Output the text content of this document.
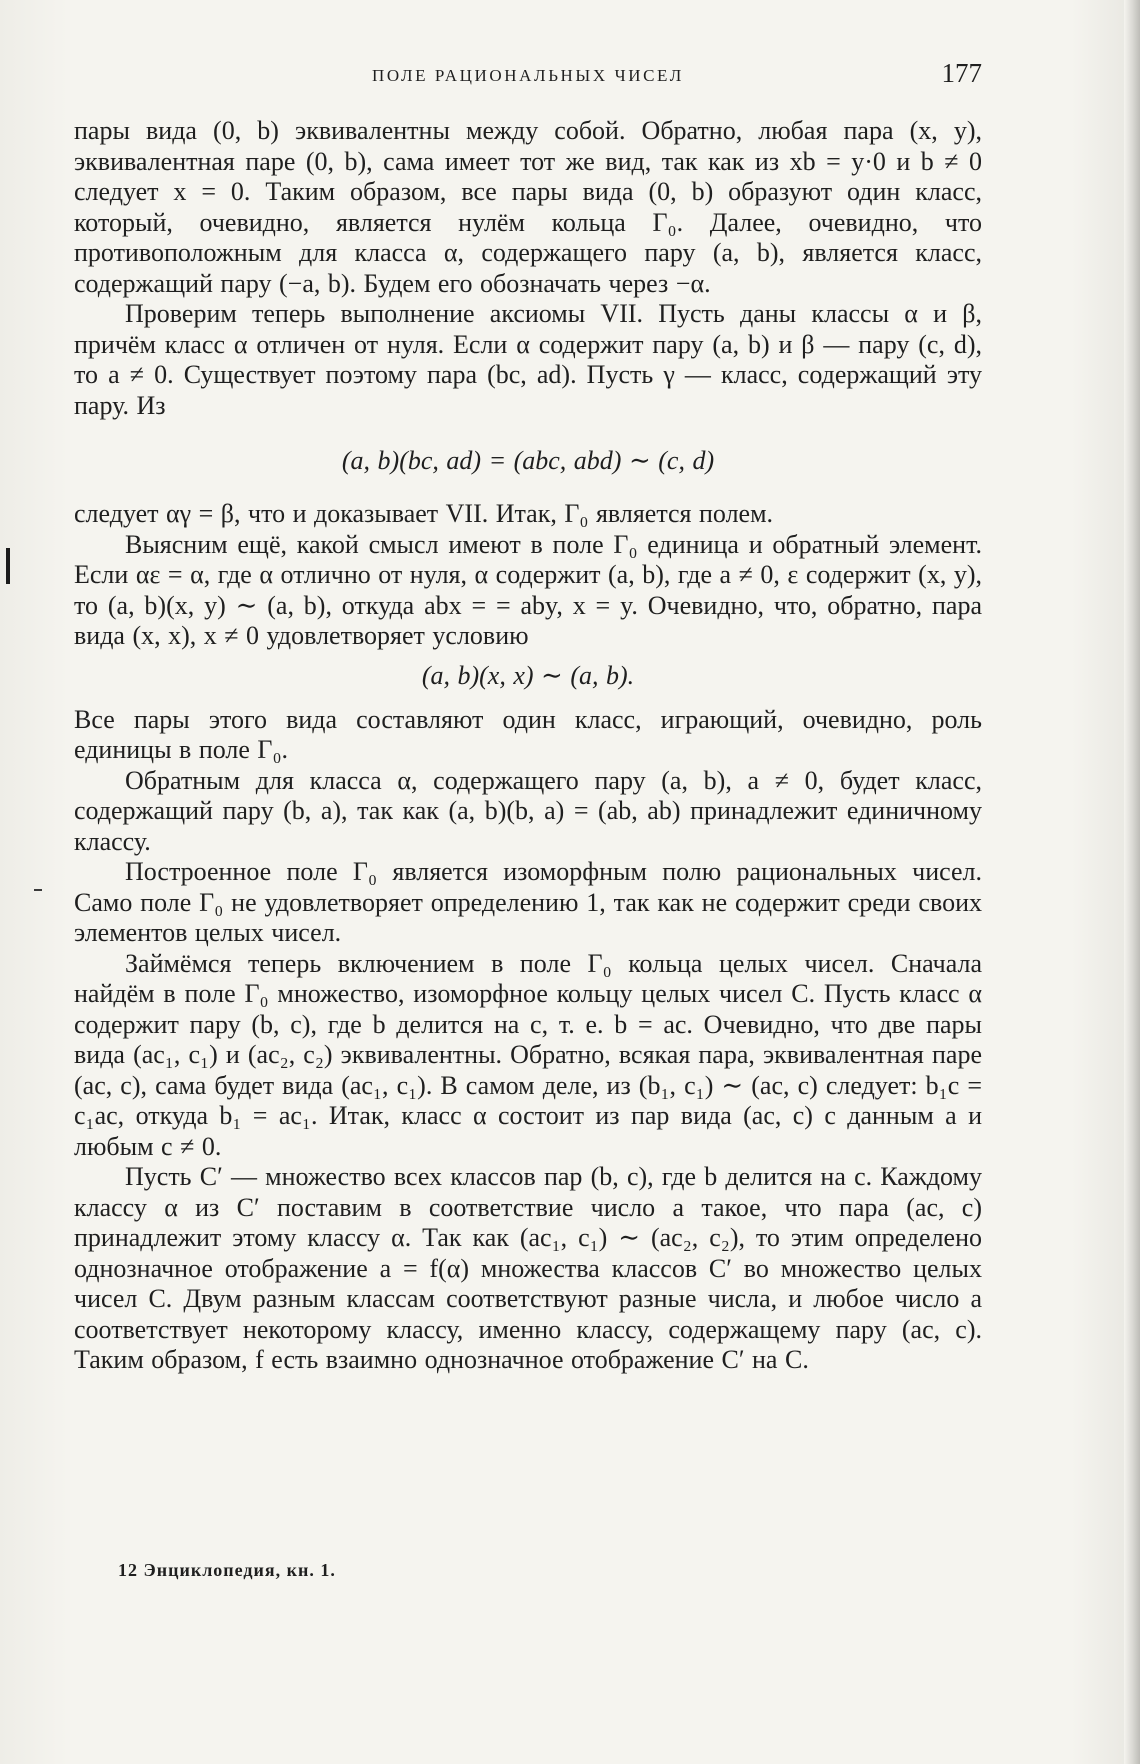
ПОЛЕ РАЦИОНАЛЬНЫХ ЧИСЕЛ	177

пары вида (0, b) эквивалентны между собой. Обратно, любая пара (x, y), эквивалентная паре (0, b), сама имеет тот же вид, так как из xb = y·0 и b ≠ 0 следует x = 0. Таким образом, все пары вида (0, b) образуют один класс, который, очевидно, является нулём кольца Γ₀. Далее, очевидно, что противоположным для класса α, содержащего пару (a, b), является класс, содержащий пару (−a, b). Будем его обозначать через −α.

Проверим теперь выполнение аксиомы VII. Пусть даны классы α и β, причём класс α отличен от нуля. Если α содержит пару (a, b) и β — пару (c, d), то a ≠ 0. Существует поэтому пара (bc, ad). Пусть γ — класс, содержащий эту пару. Из

(a, b)(bc, ad) = (abc, abd) ∼ (c, d)

следует αγ = β, что и доказывает VII. Итак, Γ₀ является полем.

Выясним ещё, какой смысл имеют в поле Γ₀ единица и обратный элемент. Если αε = α, где α отлично от нуля, α содержит (a, b), где a ≠ 0, ε содержит (x, y), то (a, b)(x, y) ∼ (a, b), откуда abx = = aby, x = y. Очевидно, что, обратно, пара вида (x, x), x ≠ 0 удовлетворяет условию

(a, b)(x, x) ∼ (a, b).

Все пары этого вида составляют один класс, играющий, очевидно, роль единицы в поле Γ₀.

Обратным для класса α, содержащего пару (a, b), a ≠ 0, будет класс, содержащий пару (b, a), так как (a, b)(b, a) = (ab, ab) принадлежит единичному классу.

Построенное поле Γ₀ является изоморфным полю рациональных чисел. Само поле Γ₀ не удовлетворяет определению 1, так как не содержит среди своих элементов целых чисел.

Займёмся теперь включением в поле Γ₀ кольца целых чисел. Сначала найдём в поле Γ₀ множество, изоморфное кольцу целых чисел C. Пусть класс α содержит пару (b, c), где b делится на c, т. е. b = ac. Очевидно, что две пары вида (ac₁, c₁) и (ac₂, c₂) эквивалентны. Обратно, всякая пара, эквивалентная паре (ac, c), сама будет вида (ac₁, c₁). В самом деле, из (b₁, c₁) ∼ (ac, c) следует: b₁c = c₁ac, откуда b₁ = ac₁. Итак, класс α состоит из пар вида (ac, c) с данным a и любым c ≠ 0.

Пусть C′ — множество всех классов пар (b, c), где b делится на c. Каждому классу α из C′ поставим в соответствие число a такое, что пара (ac, c) принадлежит этому классу α. Так как (ac₁, c₁) ∼ (ac₂, c₂), то этим определено однозначное отображение a = f(α) множества классов C′ во множество целых чисел C. Двум разным классам соответствуют разные числа, и любое число a соответствует некоторому классу, именно классу, содержащему пару (ac, c). Таким образом, f есть взаимно однозначное отображение C′ на C.

12 Энциклопедия, кн. 1.
